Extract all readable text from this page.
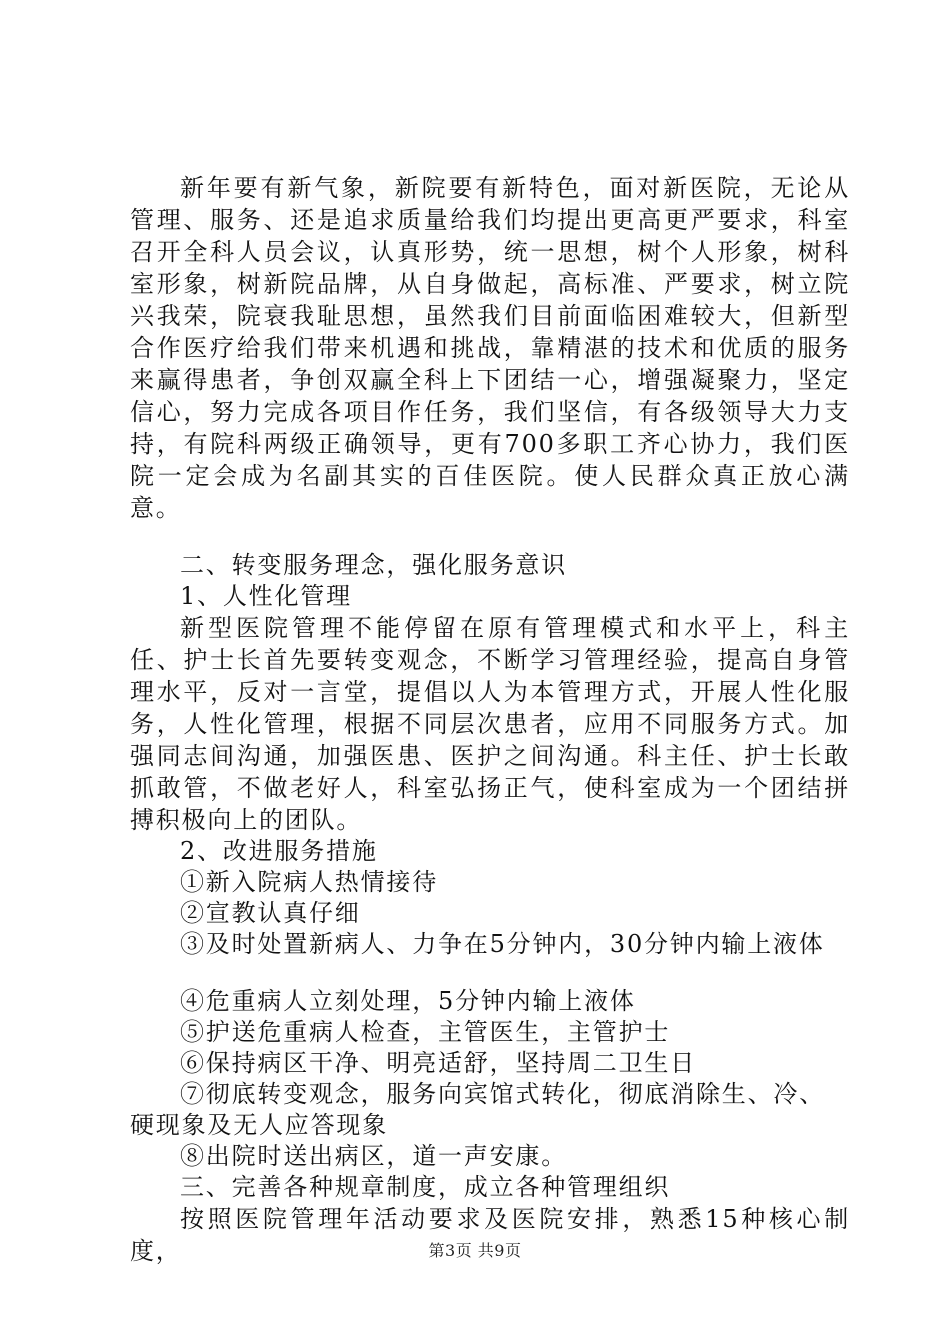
新年要有新气象，新院要有新特色，面对新医院，无论从管理、服务、还是追求质量给我们均提出更高更严要求，科室召开全科人员会议，认真形势，统一思想，树个人形象，树科室形象，树新院品牌，从自身做起，高标准、严要求，树立院兴我荣，院衰我耻思想，虽然我们目前面临困难较大，但新型合作医疗给我们带来机遇和挑战，靠精湛的技术和优质的服务来赢得患者，争创双赢全科上下团结一心，增强凝聚力，坚定信心，努力完成各项目作任务，我们坚信，有各级领导大力支持，有院科两级正确领导，更有700多职工齐心协力，我们医院一定会成为名副其实的百佳医院。使人民群众真正放心满意。

二、转变服务理念，强化服务意识

1、人性化管理

新型医院管理不能停留在原有管理模式和水平上，科主任、护士长首先要转变观念，不断学习管理经验，提高自身管理水平，反对一言堂，提倡以人为本管理方式，开展人性化服务，人性化管理，根据不同层次患者，应用不同服务方式。加强同志间沟通，加强医患、医护之间沟通。科主任、护士长敢抓敢管，不做老好人，科室弘扬正气，使科室成为一个团结拼搏积极向上的团队。

2、改进服务措施

①新入院病人热情接待

②宣教认真仔细

③及时处置新病人、力争在5分钟内，30分钟内输上液体

④危重病人立刻处理，5分钟内输上液体

⑤护送危重病人检查，主管医生，主管护士

⑥保持病区干净、明亮适舒，坚持周二卫生日

⑦彻底转变观念，服务向宾馆式转化，彻底消除生、冷、硬现象及无人应答现象

⑧出院时送出病区，道一声安康。

三、完善各种规章制度，成立各种管理组织

按照医院管理年活动要求及医院安排，熟悉15种核心制度，	第3页 共9页
